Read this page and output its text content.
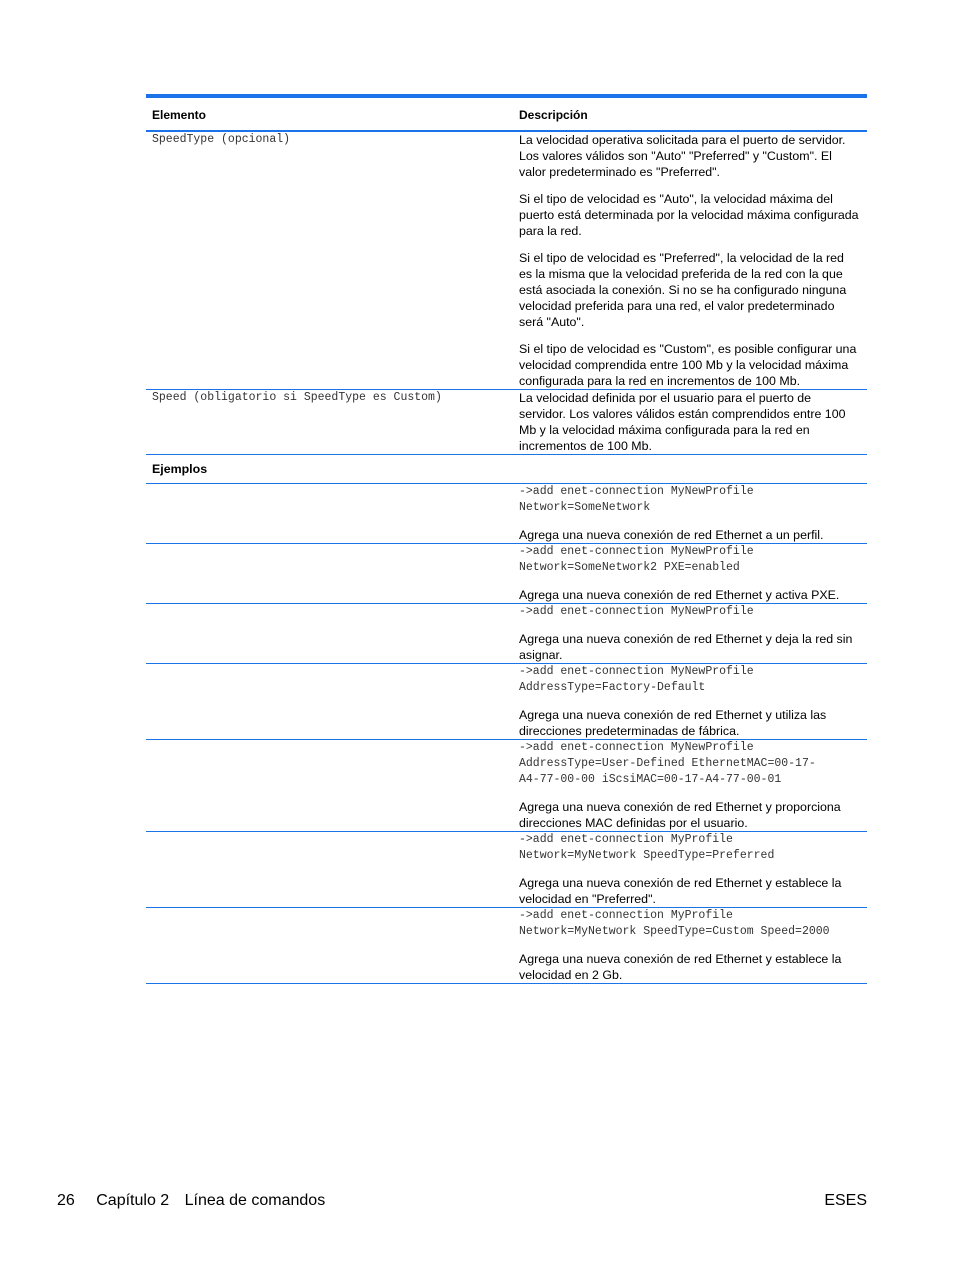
Elemento	Descripción
SpeedType (opcional)	La velocidad operativa solicitada para el puerto de servidor. Los valores válidos son "Auto" "Preferred" y "Custom". El valor predeterminado es "Preferred".

Si el tipo de velocidad es "Auto", la velocidad máxima del puerto está determinada por la velocidad máxima configurada para la red.

Si el tipo de velocidad es "Preferred", la velocidad de la red es la misma que la velocidad preferida de la red con la que está asociada la conexión. Si no se ha configurado ninguna velocidad preferida para una red, el valor predeterminado será "Auto".

Si el tipo de velocidad es "Custom", es posible configurar una velocidad comprendida entre 100 Mb y la velocidad máxima configurada para la red en incrementos de 100 Mb.

Speed (obligatorio si SpeedType es Custom)	La velocidad definida por el usuario para el puerto de servidor. Los valores válidos están comprendidos entre 100 Mb y la velocidad máxima configurada para la red en incrementos de 100 Mb.

Ejemplos	

	->add enet-connection MyNewProfile
Network=SomeNetwork
Agrega una nueva conexión de red Ethernet a un perfil.

	->add enet-connection MyNewProfile
Network=SomeNetwork2 PXE=enabled
Agrega una nueva conexión de red Ethernet y activa PXE.

	->add enet-connection MyNewProfile
Agrega una nueva conexión de red Ethernet y deja la red sin asignar.

	->add enet-connection MyNewProfile
AddressType=Factory-Default
Agrega una nueva conexión de red Ethernet y utiliza las direcciones predeterminadas de fábrica.

	->add enet-connection MyNewProfile
AddressType=User-Defined EthernetMAC=00-17-
A4-77-00-00 iScsiMAC=00-17-A4-77-00-01
Agrega una nueva conexión de red Ethernet y proporciona direcciones MAC definidas por el usuario.

	->add enet-connection MyProfile
Network=MyNetwork SpeedType=Preferred
Agrega una nueva conexión de red Ethernet y establece la velocidad en "Preferred".

	->add enet-connection MyProfile
Network=MyNetwork SpeedType=Custom Speed=2000
Agrega una nueva conexión de red Ethernet y establece la velocidad en 2 Gb.
26 Capítulo 2 Línea de comandos	ESES
